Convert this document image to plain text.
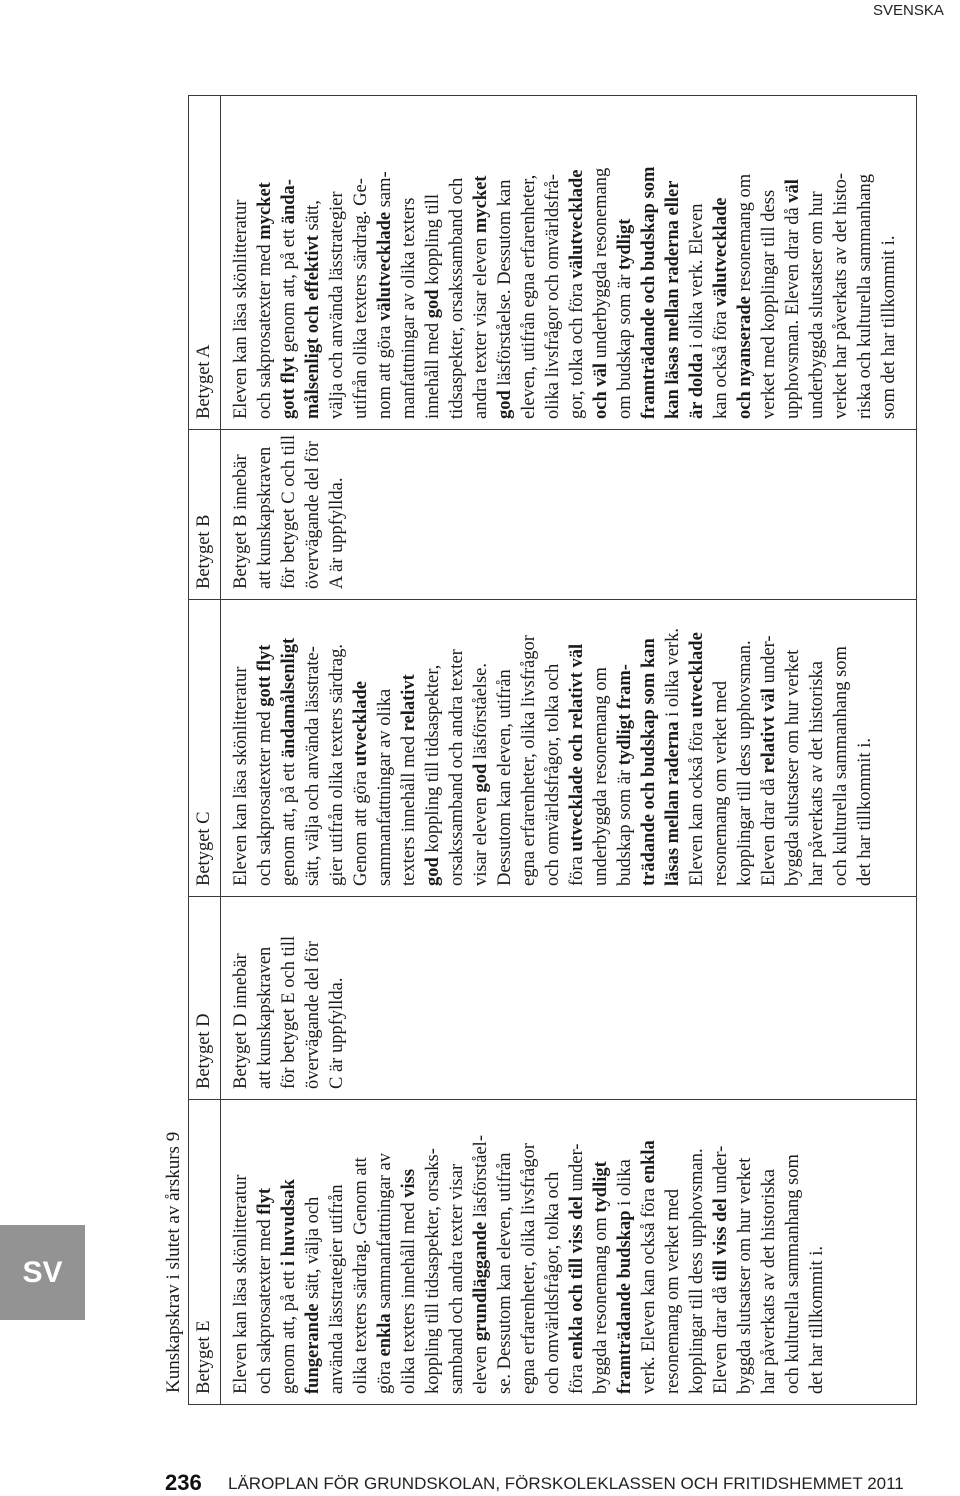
SVENSKA
SV	Kunskapskrav i slutet av årskurs 9 Betyget E Eleven kan läsa skönlitteratur och sakprosatexter med flyt
genom att, på ett i huvudsak
fungerande sätt, välja och använda lässtrategier utifrån olika texters särdrag. Genom att göra enkla sammanfattningar av olika texters innehåll med viss koppling till tidsaspekter, orsaks- samband och andra texter visar eleven grundläggande läsförståel- se. Dessutom kan eleven, utifrån egna erfarenheter, olika livsfrågor och omvärldsfrågor, tolka och föra enkla och till viss del under-
byggda resonemang om tydligt
framträdande budskap i olika verk. Eleven kan också föra enkla
resonemang om verket med kopplingar till dess upphovsman. Eleven drar då till viss del under- byggda slutsatser om hur verket har påverkats av det historiska och kulturella sammanhang som det har tillkommit i.
Betyget D Betyget D innebär att kunskapskraven för betyget E och till övervägande del för C är uppfyllda.
Betyget C Eleven kan läsa skönlitteratur och sakprosatexter med gott flyt
genom att, på ett ändamålsenligt sätt, välja och använda lässtrate- gier utifrån olika texters särdrag. Genom att göra utvecklade sammanfattningar av olika texters innehåll med relativt
god koppling till tidsaspekter, orsakssamband och andra texter visar eleven god läsförståelse. Dessutom kan eleven, utifrån egna erfarenheter, olika livsfrågor och omvärldsfrågor, tolka och föra utvecklade och relativt väl underbyggda resonemang om budskap som är tydligt fram- trädande och budskap som kan läsas mellan raderna i olika verk.
Eleven kan också föra utvecklade
resonemang om verket med kopplingar till dess upphovsman. Eleven drar då relativt väl under- byggda slutsatser om hur verket har påverkats av det historiska och kulturella sammanhang som det har tillkommit i.
Betyget B Betyget B innebär att kunskapskraven för betyget C och till övervägande del för A är uppfyllda.
Betyget A Eleven kan läsa skönlitteratur och sakprosatexter med mycket
gott flyt genom att, på ett ända-
målsenligt och effektivt sätt, välja och använda lässtrategier utifrån olika texters särdrag. Ge- nom att göra välutvecklade sam-
manfattningar av olika texters innehåll med god koppling till tidsaspekter, orsakssamband och andra texter visar eleven mycket
god läsförståelse. Dessutom kan eleven, utifrån egna erfarenheter, olika livsfrågor och omvärldsfrå- gor, tolka och föra välutvecklade
och väl underbyggda resonemang om budskap som är tydligt framträdande och budskap som kan läsas mellan raderna eller är dolda i olika verk. Eleven
kan också föra välutvecklade
och nyanserade resonemang om verket med kopplingar till dess upphovsman. Eleven drar då väl
underbyggda slutsatser om hur verket har påverkats av det histo- riska och kulturella sammanhang som det har tillkommit i.
236 LÄROPLAN FÖR GRUNDSKOLAN, FÖRSKOLEKLASSEN OCH FRITIDSHEMMET 2011
